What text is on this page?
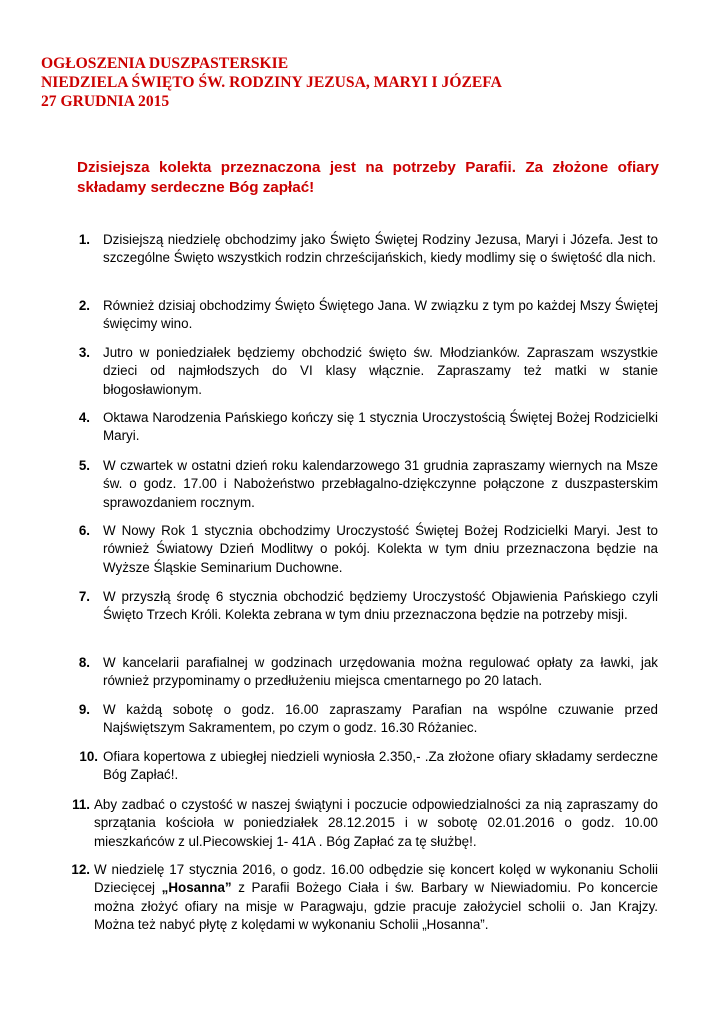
OGŁOSZENIA DUSZPASTERSKIE
NIEDZIELA ŚWIĘTO ŚW. RODZINY JEZUSA, MARYI I JÓZEFA
27 GRUDNIA 2015
Dzisiejsza kolekta przeznaczona jest na potrzeby Parafii. Za złożone ofiary składamy serdeczne Bóg zapłać!
1. Dzisiejszą niedzielę obchodzimy jako Święto Świętej Rodziny Jezusa, Maryi i Józefa. Jest to szczególne Święto wszystkich rodzin chrześcijańskich, kiedy modlimy się o świętość dla nich.
2. Również dzisiaj obchodzimy Święto Świętego Jana. W związku z tym po każdej Mszy Świętej święcimy wino.
3. Jutro w poniedziałek będziemy obchodzić święto św. Młodzianków. Zapraszam wszystkie dzieci od najmłodszych do VI klasy włącznie. Zapraszamy też matki w stanie błogosławionym.
4. Oktawa Narodzenia Pańskiego kończy się 1 stycznia Uroczystością Świętej Bożej Rodzicielki Maryi.
5. W czwartek w ostatni dzień roku kalendarzowego 31 grudnia zapraszamy wiernych na Msze św. o godz. 17.00 i Nabożeństwo przebłagalno-dziękczynne połączone z duszpasterskim sprawozdaniem rocznym.
6. W Nowy Rok 1 stycznia obchodzimy Uroczystość Świętej Bożej Rodzicielki Maryi. Jest to również Światowy Dzień Modlitwy o pokój. Kolekta w tym dniu przeznaczona będzie na Wyższe Śląskie Seminarium Duchowne.
7. W przyszłą środę 6 stycznia obchodzić będziemy Uroczystość Objawienia Pańskiego czyli Święto Trzech Króli. Kolekta zebrana w tym dniu przeznaczona będzie na potrzeby misji.
8. W kancelarii parafialnej w godzinach urzędowania można regulować opłaty za ławki, jak również przypominamy o przedłużeniu miejsca cmentarnego po 20 latach.
9. W każdą sobotę o godz. 16.00 zapraszamy Parafian na wspólne czuwanie przed Najświętszym Sakramentem, po czym o godz. 16.30 Różaniec.
10. Ofiara kopertowa z ubiegłej niedzieli wyniosła 2.350,- .Za złożone ofiary składamy serdeczne Bóg Zapłać!.
11. Aby zadbać o czystość w naszej świątyni i poczucie odpowiedzialności za nią zapraszamy do sprzątania kościoła w poniedziałek 28.12.2015 i w sobotę 02.01.2016 o godz. 10.00 mieszkańców z ul.Piecowskiej 1- 41A . Bóg Zapłać za tę służbę!.
12. W niedzielę 17 stycznia 2016, o godz. 16.00 odbędzie się koncert kolęd w wykonaniu Scholii Dziecięcej „Hosanna” z Parafii Bożego Ciała i św. Barbary w Niewiadomiu. Po koncercie można złożyć ofiary na misje w Paragwaju, gdzie pracuje założyciel scholii o. Jan Krajzy. Można też nabyć płytę z kolędami w wykonaniu Scholii „Hosanna”.
